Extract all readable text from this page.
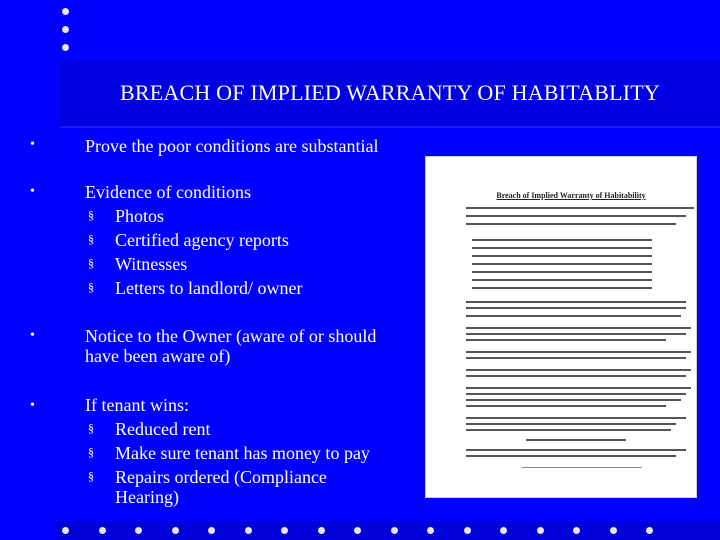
BREACH OF IMPLIED WARRANTY OF HABITABLITY
•	Prove the poor conditions are substantial
•	Evidence of conditions
§ Photos
§ Certified agency reports
§ Witnesses
§ Letters to landlord/ owner
•	Notice to the Owner (aware of or should
have been aware of)
•	If tenant wins:
§ Reduced rent
§ Make sure tenant has money to pay
§ Repairs ordered (Compliance
Hearing)
Breach of Implied Warranty of Habitability
